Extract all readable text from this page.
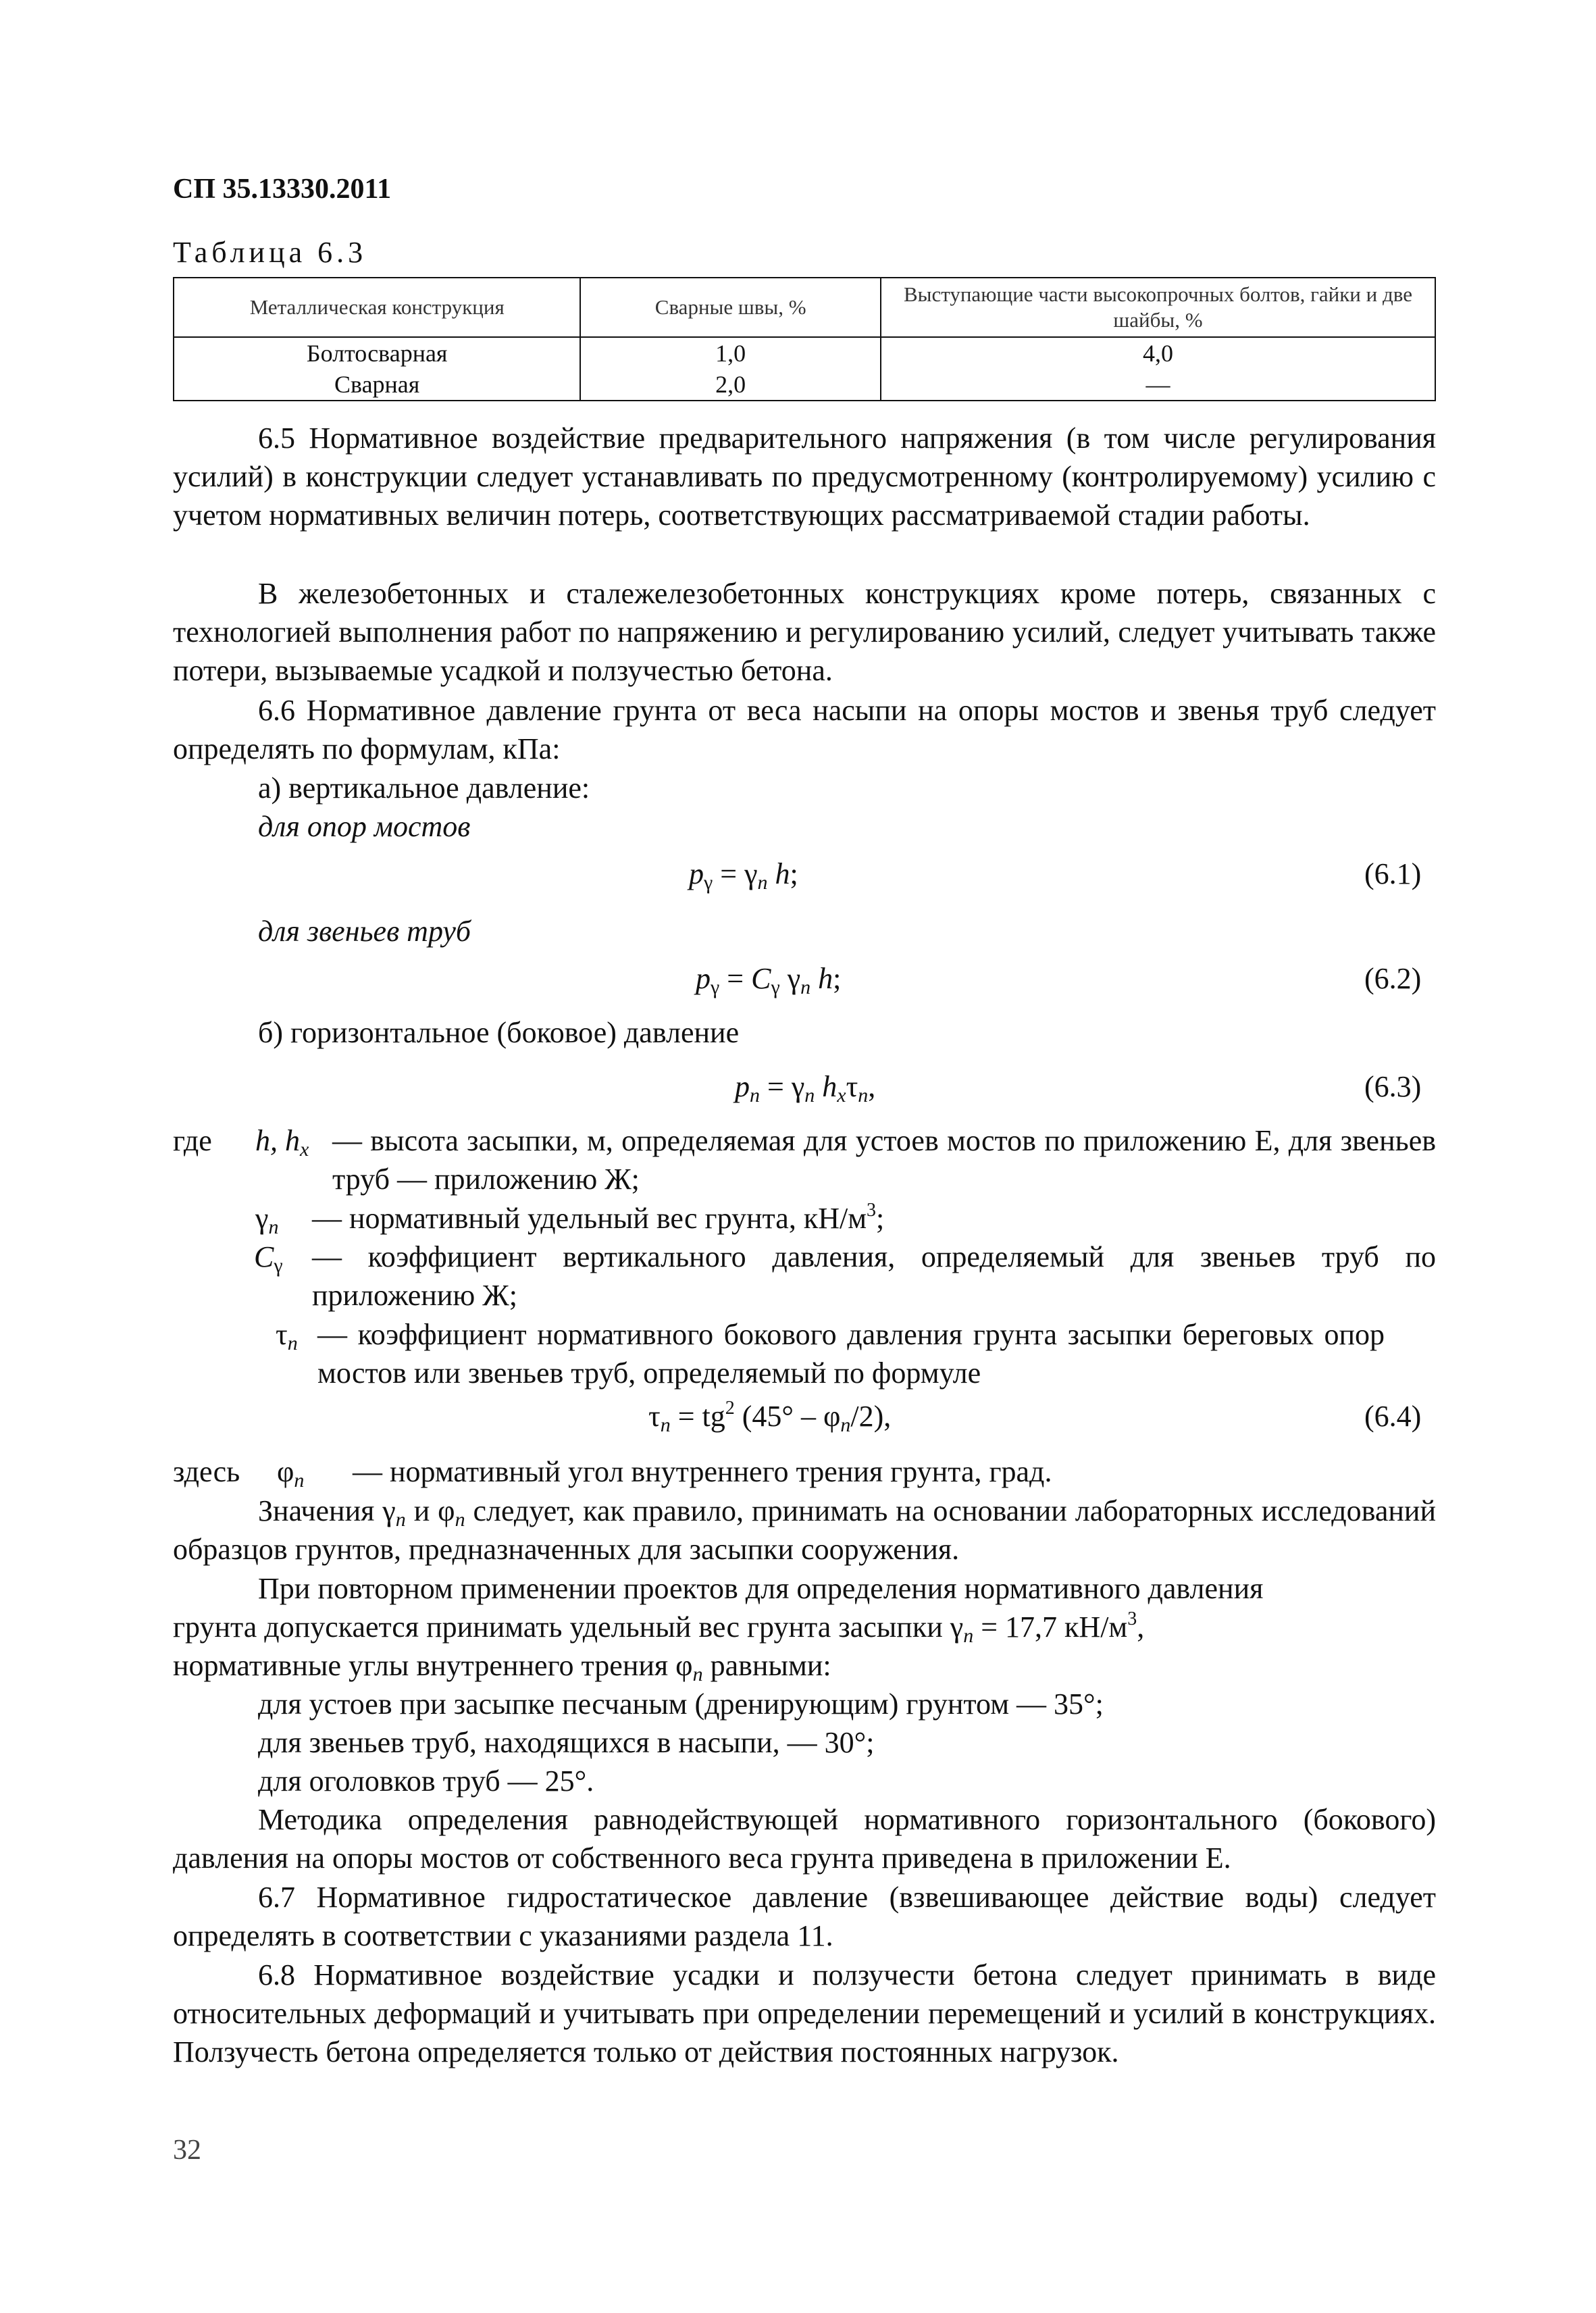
СП 35.13330.2011
Таблица 6.3
Металлическая конструкция	Сварные швы, %	Выступающие части высокопрочных болтов, гайки и две шайбы, %
Болтосварная	1,0	4,0
Сварная	2,0	—
6.5 Нормативное воздействие предварительного напряжения (в том числе регулирования усилий) в конструкции следует устанавливать по предусмотренному (контролируемому) усилию с учетом нормативных величин потерь, соответствующих рассматриваемой стадии работы.
В железобетонных и сталежелезобетонных конструкциях кроме потерь, связанных с технологией выполнения работ по напряжению и регулированию усилий, следует учитывать также потери, вызываемые усадкой и ползучестью бетона.
6.6 Нормативное давление грунта от веса насыпи на опоры мостов и звенья труб следует определять по формулам, кПа:
а) вертикальное давление:
для опор мостов
$p_\gamma = \gamma_n$ h;	(6.1)
для звеньев труб
$p_\gamma = C_\gamma$ $\gamma_n$ h;	(6.2)
б) горизонтальное (боковое) давление
$p_n = \gamma_n$ $h_x\tau_n$,	(6.3)
где h, $h_x$ — высота засыпки, м, определяемая для устоев мостов по приложению Е, для звеньев труб — приложению Ж;
$\gamma_n$ — нормативный удельный вес грунта, $кН/м^3$;
$C_\gamma$ — коэффициент вертикального давления, определяемый для звеньев труб по приложению Ж;
$\tau_n$ — коэффициент нормативного бокового давления грунта засыпки береговых опор мостов или звеньев труб, определяемый по формуле
$\tau_n = tg^2$ $(45^\circ - \varphi_n/2)$,	(6.4)
здесь $\varphi_n$ — нормативный угол внутреннего трения грунта, град.
Значения $\gamma_n$ и $\varphi_n$ следует, как правило, принимать на основании лабораторных исследований образцов грунтов, предназначенных для засыпки сооружения.
При повторном применении проектов для определения нормативного давления
грунта допускается принимать удельный вес грунта засыпки $\gamma_n = 17,7$ $кН/м^3$,
нормативные углы внутреннего трения $\varphi_n$ равными:
для устоев при засыпке песчаным (дренирующим) грунтом — 35°;
для звеньев труб, находящихся в насыпи, — 30°;
для оголовков труб — 25°.
Методика определения равнодействующей нормативного горизонтального (бокового) давления на опоры мостов от собственного веса грунта приведена в приложении Е.
6.7 Нормативное гидростатическое давление (взвешивающее действие воды) следует определять в соответствии с указаниями раздела 11.
6.8 Нормативное воздействие усадки и ползучести бетона следует принимать в виде относительных деформаций и учитывать при определении перемещений и усилий в конструкциях. Ползучесть бетона определяется только от действия постоянных нагрузок.
32
